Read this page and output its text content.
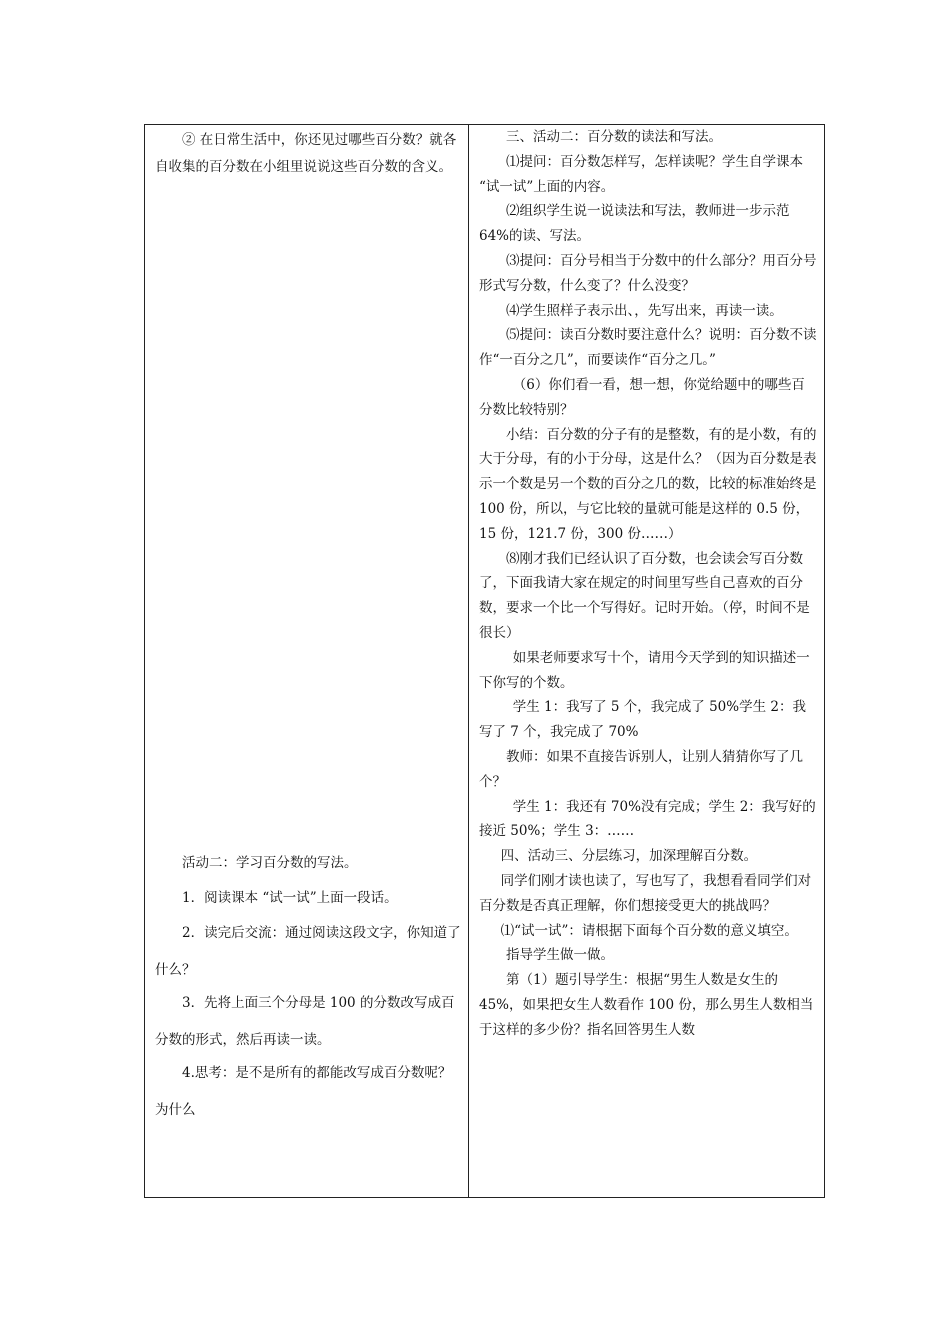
② 在日常生活中，你还见过哪些百分数？就各自收集的百分数在小组里说说这些百分数的含义。

活动二：学习百分数的写法。

1．阅读课本 “试一试”上面一段话。

2．读完后交流：通过阅读这段文字，你知道了什么？

3．先将上面三个分母是 100 的分数改写成百分数的形式，然后再读一读。

4.思考：是不是所有的都能改写成百分数呢？为什么

三、活动二：百分数的读法和写法。

⑴提问：百分数怎样写，怎样读呢？学生自学课本 “试一试”上面的内容。

⑵组织学生说一说读法和写法，教师进一步示范 64%的读、写法。

⑶提问：百分号相当于分数中的什么部分？用百分号形式写分数，什么变了？什么没变？

⑷学生照样子表示出、，先写出来，再读一读。

⑸提问：读百分数时要注意什么？说明：百分数不读作“一百分之几”，而要读作“百分之几。”

（6）你们看一看，想一想，你觉给题中的哪些百分数比较特别？

小结：百分数的分子有的是整数，有的是小数，有的大于分母，有的小于分母，这是什么？（因为百分数是表示一个数是另一个数的百分之几的数，比较的标准始终是 100 份，所以，与它比较的量就可能是这样的 0.5 份，15 份，121.7 份，300 份……）

⑻刚才我们已经认识了百分数，也会读会写百分数了，下面我请大家在规定的时间里写些自己喜欢的百分数，要求一个比一个写得好。记时开始。（停，时间不是很长）

如果老师要求写十个，请用今天学到的知识描述一下你写的个数。

学生 1：我写了 5 个，我完成了 50%学生 2：我写了 7 个，我完成了 70%

教师：如果不直接告诉别人，让别人猜猜你写了几个？

学生 1：我还有 70%没有完成；学生 2：我写好的接近 50%；学生 3：……

四、活动三、分层练习，加深理解百分数。

同学们刚才读也读了，写也写了，我想看看同学们对百分数是否真正理解，你们想接受更大的挑战吗？

⑴“试一试”：请根据下面每个百分数的意义填空。

指导学生做一做。

第（1）题引导学生：根据“男生人数是女生的 45%，如果把女生人数看作 100 份，那么男生人数相当于这样的多少份？指名回答男生人数
